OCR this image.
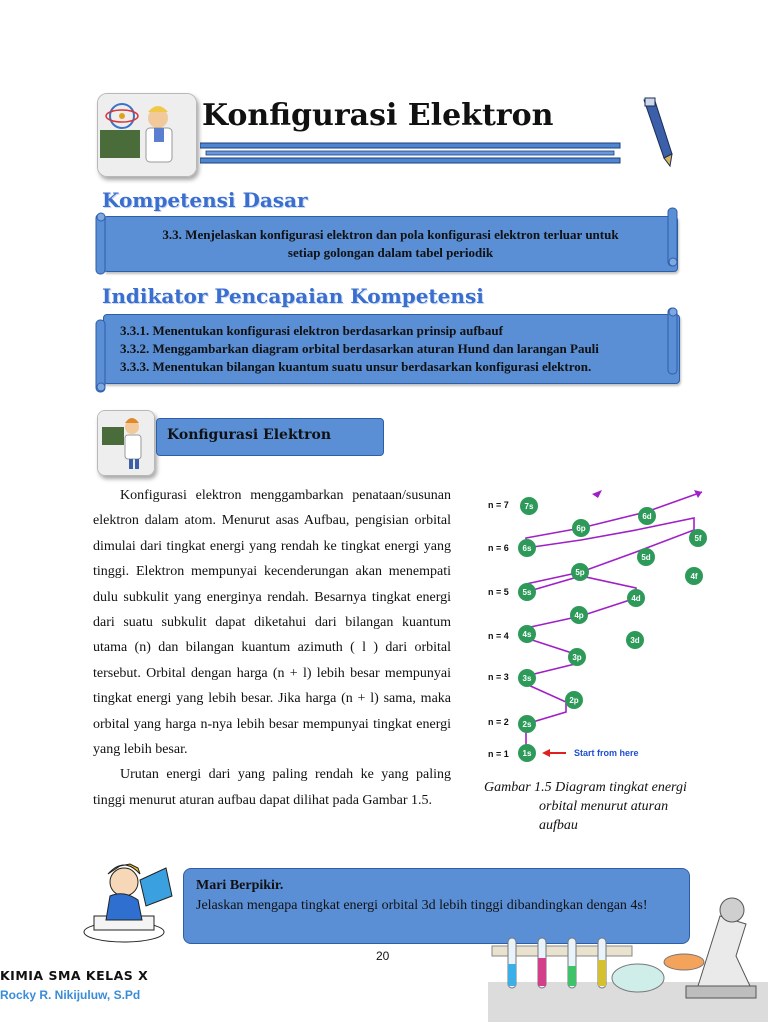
Konfigurasi Elektron
Kompetensi Dasar
3.3. Menjelaskan konfigurasi elektron dan pola konfigurasi elektron terluar untuk
setiap golongan dalam tabel periodik
Indikator Pencapaian Kompetensi
3.3.1. Menentukan konfigurasi elektron berdasarkan prinsip aufbauf
3.3.2. Menggambarkan diagram orbital berdasarkan aturan Hund dan larangan Pauli
3.3.3. Menentukan bilangan kuantum suatu unsur berdasarkan konfigurasi elektron.
Konfigurasi Elektron

Konfigurasi elektron menggambarkan penataan/susunan elektron dalam atom. Menurut asas Aufbau, pengisian orbital dimulai dari tingkat energi yang rendah ke tingkat energi yang tinggi. Elektron mempunyai kecenderungan akan menempati dulu subkulit yang energinya rendah. Besarnya tingkat energi dari suatu subkulit dapat diketahui dari bilangan kuantum utama (n) dan bilangan kuantum azimuth ( l ) dari orbital tersebut. Orbital dengan harga (n + l) lebih besar mempunyai tingkat energi yang lebih besar. Jika harga (n + l) sama, maka orbital yang harga n-nya lebih besar mempunyai tingkat energi yang lebih besar.

Urutan energi dari yang paling rendah ke yang paling tinggi menurut aturan aufbau dapat dilihat pada Gambar 1.5.

n = 7
n = 6
n = 5
n = 4
n = 3
n = 2
n = 1 1s
2s
2p
3s
3p
4s
3d
4p
5s
4d
5p
6s
4f
5d
6p
7s
5f
6d
Start from here
Gambar 1.5 Diagram tingkat energi
orbital menurut aturan
aufbau
Mari Berpikir.
Jelaskan mengapa tingkat energi orbital 3d lebih tinggi dibandingkan dengan 4s!
20
KIMIA SMA KELAS X
Rocky R. Nikijuluw, S.Pd
